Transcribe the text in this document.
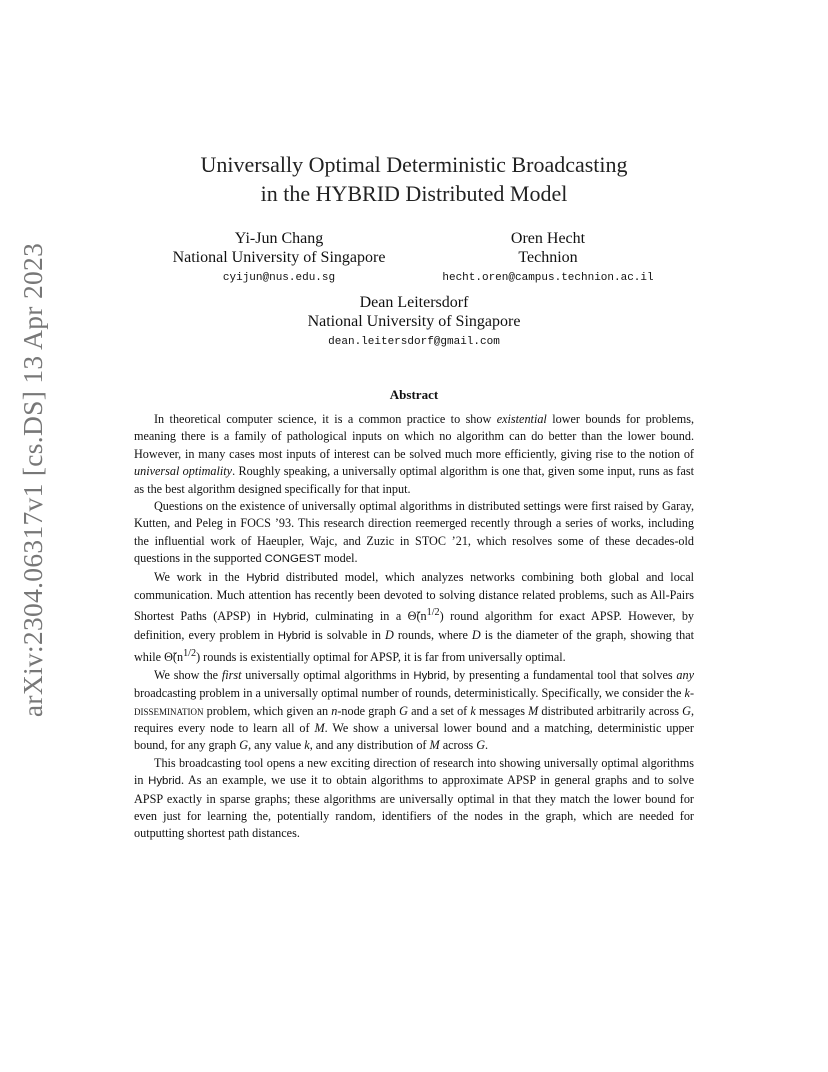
arXiv:2304.06317v1 [cs.DS] 13 Apr 2023
Universally Optimal Deterministic Broadcasting
in the HYBRID Distributed Model
Yi-Jun Chang
National University of Singapore
cyijun@nus.edu.sg
Oren Hecht
Technion
hecht.oren@campus.technion.ac.il
Dean Leitersdorf
National University of Singapore
dean.leitersdorf@gmail.com
Abstract

In theoretical computer science, it is a common practice to show existential lower bounds for problems, meaning there is a family of pathological inputs on which no algorithm can do better than the lower bound. However, in many cases most inputs of interest can be solved much more efficiently, giving rise to the notion of universal optimality. Roughly speaking, a universally optimal algorithm is one that, given some input, runs as fast as the best algorithm designed specifically for that input.

Questions on the existence of universally optimal algorithms in distributed settings were first raised by Garay, Kutten, and Peleg in FOCS ’93. This research direction reemerged recently through a series of works, including the influential work of Haeupler, Wajc, and Zuzic in STOC ’21, which resolves some of these decades-old questions in the supported CONGEST model.

We work in the Hybrid distributed model, which analyzes networks combining both global and local communication. Much attention has recently been devoted to solving distance related problems, such as All-Pairs Shortest Paths (APSP) in Hybrid, culminating in a $\Thetã(n^{1/2})$ round algorithm for exact APSP. However, by definition, every problem in Hybrid is solvable in D rounds, where D is the diameter of the graph, showing that while $\Thetã(n^{1/2})$ rounds is existentially optimal for APSP, it is far from universally optimal.

We show the first universally optimal algorithms in Hybrid, by presenting a fundamental tool that solves any broadcasting problem in a universally optimal number of rounds, deterministically. Specifically, we consider the k-dissemination problem, which given an n-node graph G and a set of k messages M distributed arbitrarily across G, requires every node to learn all of M. We show a universal lower bound and a matching, deterministic upper bound, for any graph G, any value k, and any distribution of M across G.

This broadcasting tool opens a new exciting direction of research into showing universally optimal algorithms in Hybrid. As an example, we use it to obtain algorithms to approximate APSP in general graphs and to solve APSP exactly in sparse graphs; these algorithms are universally optimal in that they match the lower bound for even just for learning the, potentially random, identifiers of the nodes in the graph, which are needed for outputting shortest path distances.
